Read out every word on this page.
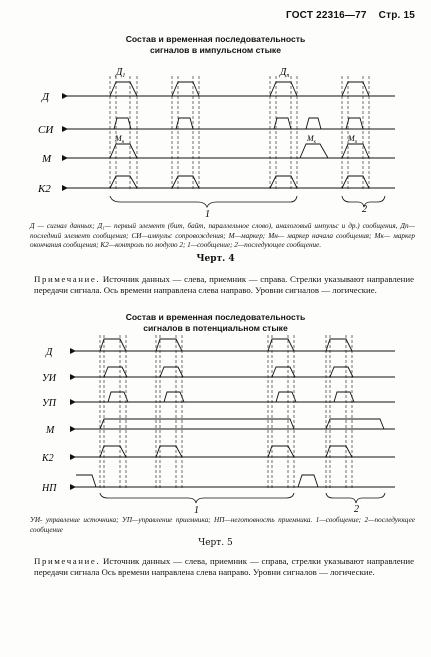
ГОСТ 22316—77 Стр. 15
Состав и временная последовательность
сигналов в импульсном стыке
Д
СИ
М
К2
$Д_1$	$Д_п$
$М_н$	$М_к$	$М_п$
1	2
Д — сигнал данных; Д₁— первый элемент (бит, байт, параллельное слово), аналоговый импульс и др.) сообщения, Дп— последний элемент сообщения; СИ—импульс сопровождения; М—маркер; Мн— маркер начала сообщения; Мк— маркер окончания сообщения; К2—контроль по модулю 2; 1—сообщение; 2—последующее сообщение.
Черт. 4
Примечание. Источник данных — слева, приемник — справа. Стрелки указывают направление передачи сигнала. Ось времени направлена слева направо. Уровни сигналов — логические.
Состав и временная последовательность
сигналов в потенциальном стыке
Д
УИ
УП
М
К2
НП
1	2
УИ- управление источника; УП—управление приемника; НП—неготовность приемника. 1—сообщение; 2—последующее сообщение
Черт. 5
Примечание. Источник данных — слева, приемник — справа, стрелки указывают направление передачи сигнала Ось времени направлена слева направо. Уровни сигналов — логические.
